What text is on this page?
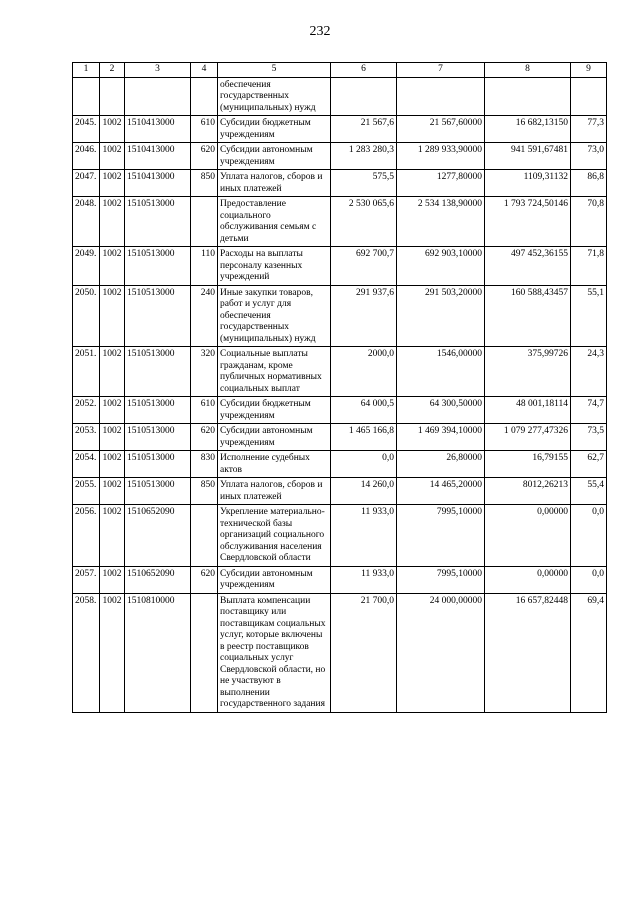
232
1	2	3	4	5	6	7	8	9
				обеспечения государственных (муниципальных) нужд				
2045.	1002	1510413000	610	Субсидии бюджетным учреждениям	21 567,6	21 567,60000	16 682,13150	77,3
2046.	1002	1510413000	620	Субсидии автономным учреждениям	1 283 280,3	1 289 933,90000	941 591,67481	73,0
2047.	1002	1510413000	850	Уплата налогов, сборов и иных платежей	575,5	1277,80000	1109,31132	86,8
2048.	1002	1510513000		Предоставление социального обслуживания семьям с детьми	2 530 065,6	2 534 138,90000	1 793 724,50146	70,8
2049.	1002	1510513000	110	Расходы на выплаты персоналу казенных учреждений	692 700,7	692 903,10000	497 452,36155	71,8
2050.	1002	1510513000	240	Иные закупки товаров, работ и услуг для обеспечения государственных (муниципальных) нужд	291 937,6	291 503,20000	160 588,43457	55,1
2051.	1002	1510513000	320	Социальные выплаты гражданам, кроме публичных нормативных социальных выплат	2000,0	1546,00000	375,99726	24,3
2052.	1002	1510513000	610	Субсидии бюджетным учреждениям	64 000,5	64 300,50000	48 001,18114	74,7
2053.	1002	1510513000	620	Субсидии автономным учреждениям	1 465 166,8	1 469 394,10000	1 079 277,47326	73,5
2054.	1002	1510513000	830	Исполнение судебных актов	0,0	26,80000	16,79155	62,7
2055.	1002	1510513000	850	Уплата налогов, сборов и иных платежей	14 260,0	14 465,20000	8012,26213	55,4
2056.	1002	1510652090		Укрепление материально-технической базы организаций социального обслуживания населения Свердловской области	11 933,0	7995,10000	0,00000	0,0
2057.	1002	1510652090	620	Субсидии автономным учреждениям	11 933,0	7995,10000	0,00000	0,0
2058.	1002	1510810000		Выплата компенсации поставщику или поставщикам социальных услуг, которые включены в реестр поставщиков социальных услуг Свердловской области, но не участвуют в выполнении государственного задания	21 700,0	24 000,00000	16 657,82448	69,4
